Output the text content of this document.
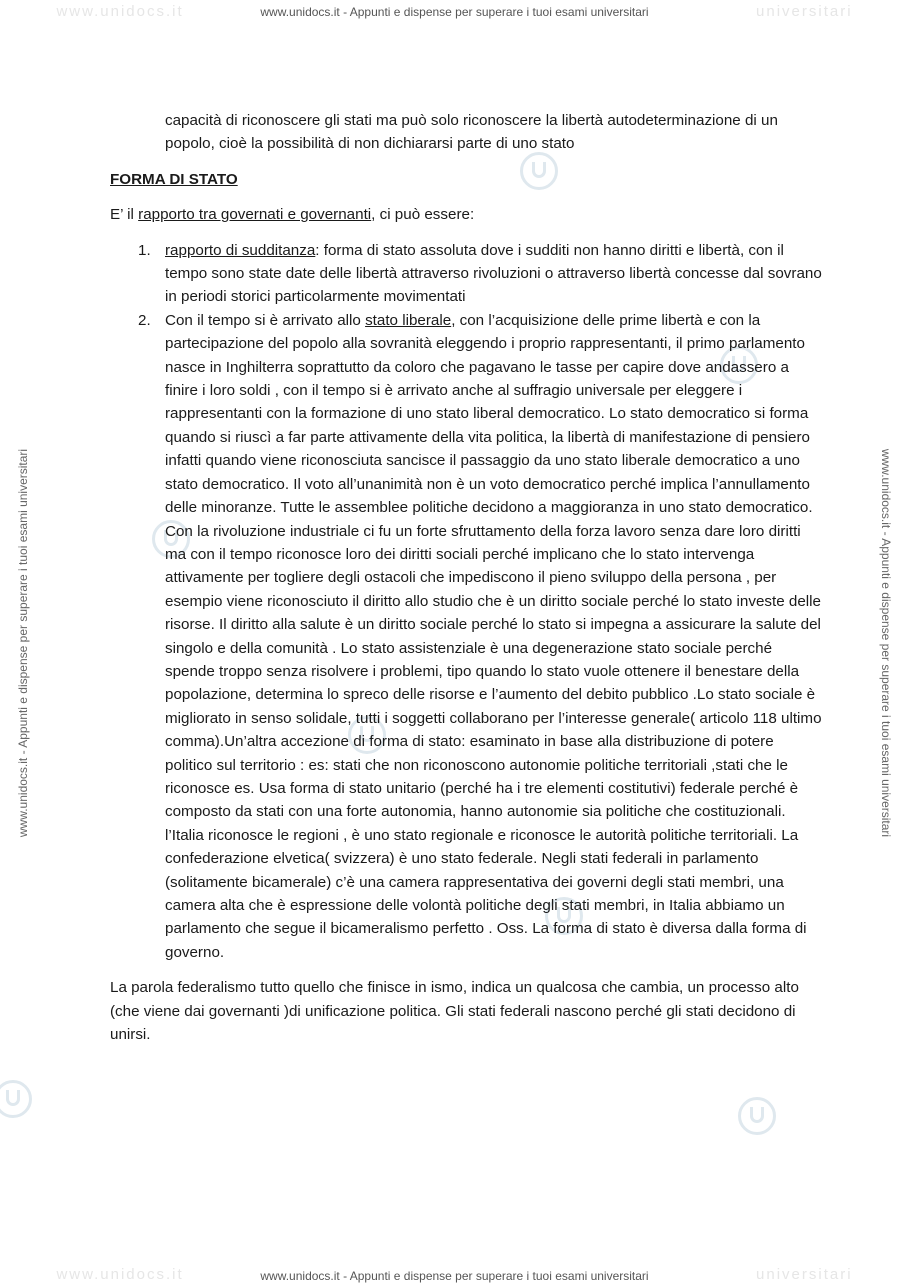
www.unidocs.it	universitari
www.unidocs.it	universitari
www.unidocs.it - Appunti e dispense per superare i tuoi esami universitari
www.unidocs.it - Appunti e dispense per superare i tuoi esami universitari
www.unidocs.it - Appunti e dispense per superare i tuoi esami universitari	www.unidocs.it - Appunti e dispense per superare i tuoi esami universitari

capacità di riconoscere gli stati ma può solo riconoscere la libertà autodeterminazione di un popolo, cioè la possibilità di non dichiararsi parte di uno stato

FORMA DI STATO

E’ il rapporto tra governati e governanti, ci può essere:

1. rapporto di sudditanza: forma di stato assoluta dove i sudditi non hanno diritti e libertà, con il tempo sono state date delle libertà attraverso rivoluzioni o attraverso libertà concesse dal sovrano in periodi storici particolarmente movimentati
2. Con il tempo si è arrivato allo stato liberale, con l’acquisizione delle prime libertà e con la partecipazione del popolo alla sovranità eleggendo i proprio rappresentanti, il primo parlamento nasce in Inghilterra soprattutto da coloro che pagavano le tasse per capire dove andassero a finire i loro soldi , con il tempo si è arrivato anche al suffragio universale per eleggere i rappresentanti con la formazione di uno stato liberal democratico. Lo stato democratico si forma quando si riuscì a far parte attivamente della vita politica, la libertà di manifestazione di pensiero infatti quando viene riconosciuta sancisce il passaggio da uno stato liberale democratico a uno stato democratico. Il voto all’unanimità non è un voto democratico perché implica l’annullamento delle minoranze. Tutte le assemblee politiche decidono a maggioranza in uno stato democratico. Con la rivoluzione industriale ci fu un forte sfruttamento della forza lavoro senza dare loro diritti ma con il tempo riconosce loro dei diritti sociali perché implicano che lo stato intervenga attivamente per togliere degli ostacoli che impediscono il pieno sviluppo della persona , per esempio viene riconosciuto il diritto allo studio che è un diritto sociale perché lo stato investe delle risorse. Il diritto alla salute è un diritto sociale perché lo stato si impegna a assicurare la salute del singolo e della comunità . Lo stato assistenziale è una degenerazione stato sociale perché spende troppo senza risolvere i problemi, tipo quando lo stato vuole ottenere il benestare della popolazione, determina lo spreco delle risorse e l’aumento del debito pubblico .Lo stato sociale è migliorato in senso solidale, tutti i soggetti collaborano per l’interesse generale( articolo 118 ultimo comma).Un’altra accezione di forma di stato: esaminato in base alla distribuzione di potere politico sul territorio : es: stati che non riconoscono autonomie politiche territoriali ,stati che le riconosce es. Usa forma di stato unitario (perché ha i tre elementi costitutivi) federale perché è composto da stati con una forte autonomia, hanno autonomie sia politiche che costituzionali. l’Italia riconosce le regioni , è uno stato regionale e riconosce le autorità politiche territoriali. La confederazione elvetica( svizzera) è uno stato federale. Negli stati federali in parlamento (solitamente bicamerale) c’è una camera rappresentativa dei governi degli stati membri, una camera alta che è espressione delle volontà politiche degli stati membri, in Italia abbiamo un parlamento che segue il bicameralismo perfetto . Oss. La forma di stato è diversa dalla forma di governo.

La parola federalismo tutto quello che finisce in ismo, indica un qualcosa che cambia, un processo alto (che viene dai governanti )di unificazione politica. Gli stati federali nascono perché gli stati decidono di unirsi.
